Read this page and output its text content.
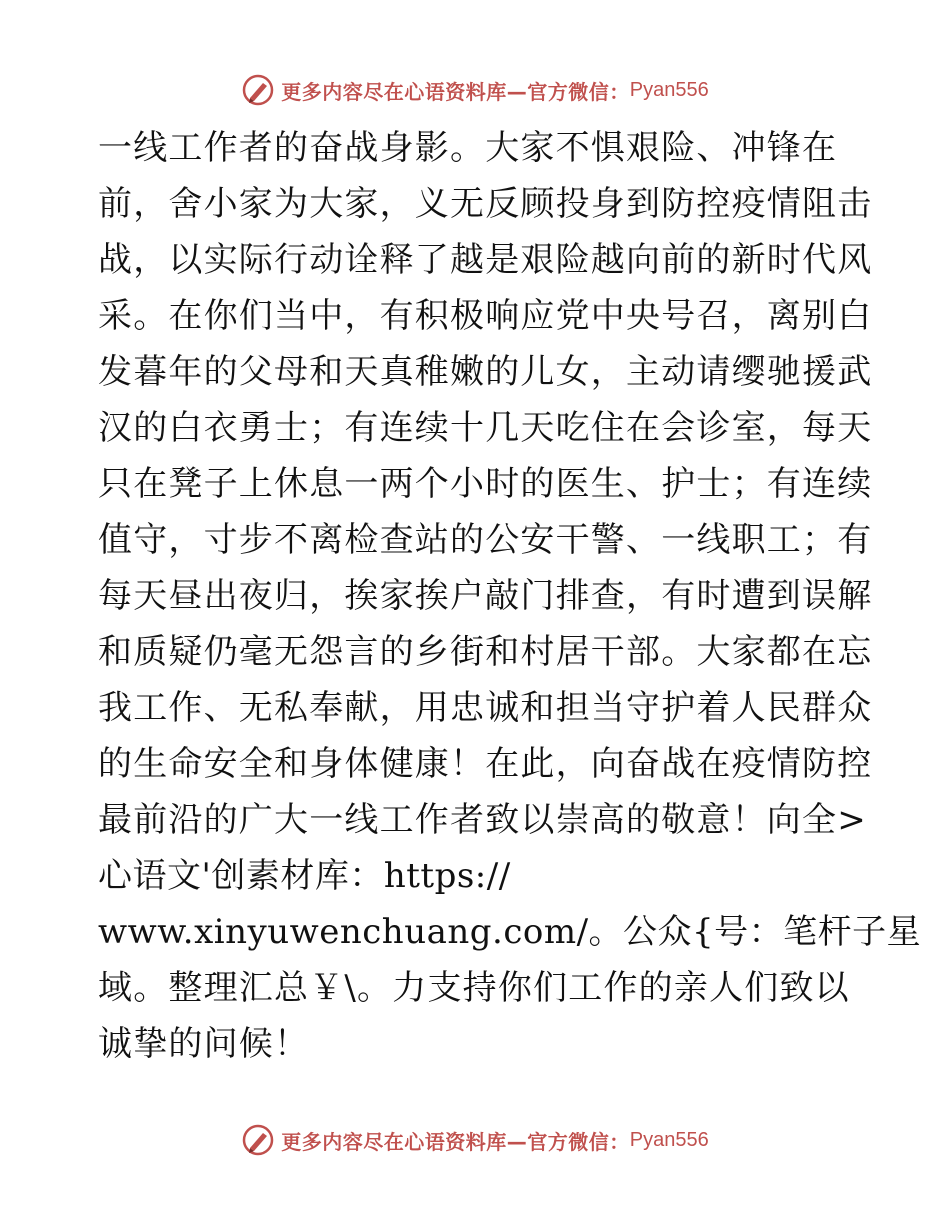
更多内容尽在心语资料库—官方微信： Pyan556
一线工作者的奋战身影。大家不惧艰险、冲锋在
前，舍小家为大家，义无反顾投身到防控疫情阻击
战，以实际行动诠释了越是艰险越向前的新时代风
采。在你们当中，有积极响应党中央号召，离别白
发暮年的父母和天真稚嫩的儿女，主动请缨驰援武
汉的白衣勇士；有连续十几天吃住在会诊室，每天
只在凳子上休息一两个小时的医生、护士；有连续
值守，寸步不离检查站的公安干警、一线职工；有
每天昼出夜归，挨家挨户敲门排查，有时遭到误解
和质疑仍毫无怨言的乡街和村居干部。大家都在忘
我工作、无私奉献，用忠诚和担当守护着人民群众
的生命安全和身体健康！在此，向奋战在疫情防控
最前沿的广大一线工作者致以崇高的敬意！向全>
心语文'创素材库：https://
www.xinyuwenchuang.com/。公众{号：笔杆子星
域。整理汇总￥\。力支持你们工作的亲人们致以
诚挚的问候！
更多内容尽在心语资料库—官方微信： Pyan556
